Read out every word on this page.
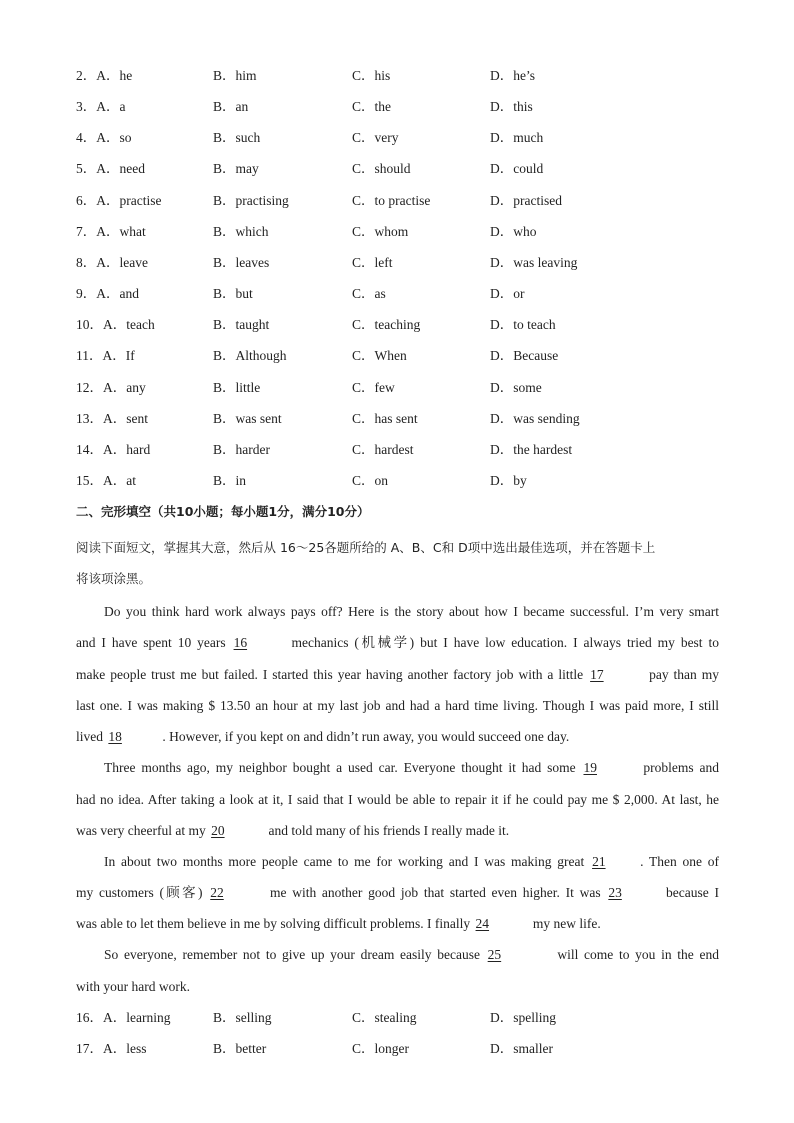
2．A．he	B．him	C．his	D．he’s
3．A．a	B．an	C．the	D．this
4．A．so	B．such	C．very	D．much
5．A．need	B．may	C．should	D．could
6．A．practise	B．practising	C．to practise	D．practised
7．A．what	B．which	C．whom	D．who
8．A．leave	B．leaves	C．left	D．was leaving
9．A．and	B．but	C．as	D．or
10．A．teach	B．taught	C．teaching	D．to teach
11．A．If	B．Although	C．When	D．Because
12．A．any	B．little	C．few	D．some
13．A．sent	B．was sent	C．has sent	D．was sending
14．A．hard	B．harder	C．hardest	D．the hardest
15．A．at	B．in	C．on	D．by
二、完形填空（共10小题；每小题1分，满分10分）
阅读下面短文，掌握其大意，然后从 16～25各题所给的 A、B、C和 D项中选出最佳选项，并在答题卡上
将该项涂黑。
Do you think hard work always pays off? Here is the story about how I became successful. I’m very smart
and I have spent 10 years 16	mechanics (机械学) but I have low education. I always tried my best to
make people trust me but failed. I started this year having another factory job with a little 17	pay than my
last one. I was making $ 13.50 an hour at my last job and had a hard time living. Though I was paid more, I still
lived 18	. However, if you kept on and didn’t run away, you would succeed one day.
Three months ago, my neighbor bought a used car. Everyone thought it had some 19	problems and
had no idea. After taking a look at it, I said that I would be able to repair it if he could pay me $ 2,000. At last, he
was very cheerful at my 20	and told many of his friends I really made it.
In about two months more people came to me for working and I was making great 21	. Then one of
my customers (顾客) 22	me with another good job that started even higher. It was 23	because I
was able to let them believe in me by solving difficult problems. I finally 24	my new life.
So everyone, remember not to give up your dream easily because 25	will come to you in the end
with your hard work.
16．A．learning	B．selling	C．stealing	D．spelling
17．A．less	B．better	C．longer	D．smaller
